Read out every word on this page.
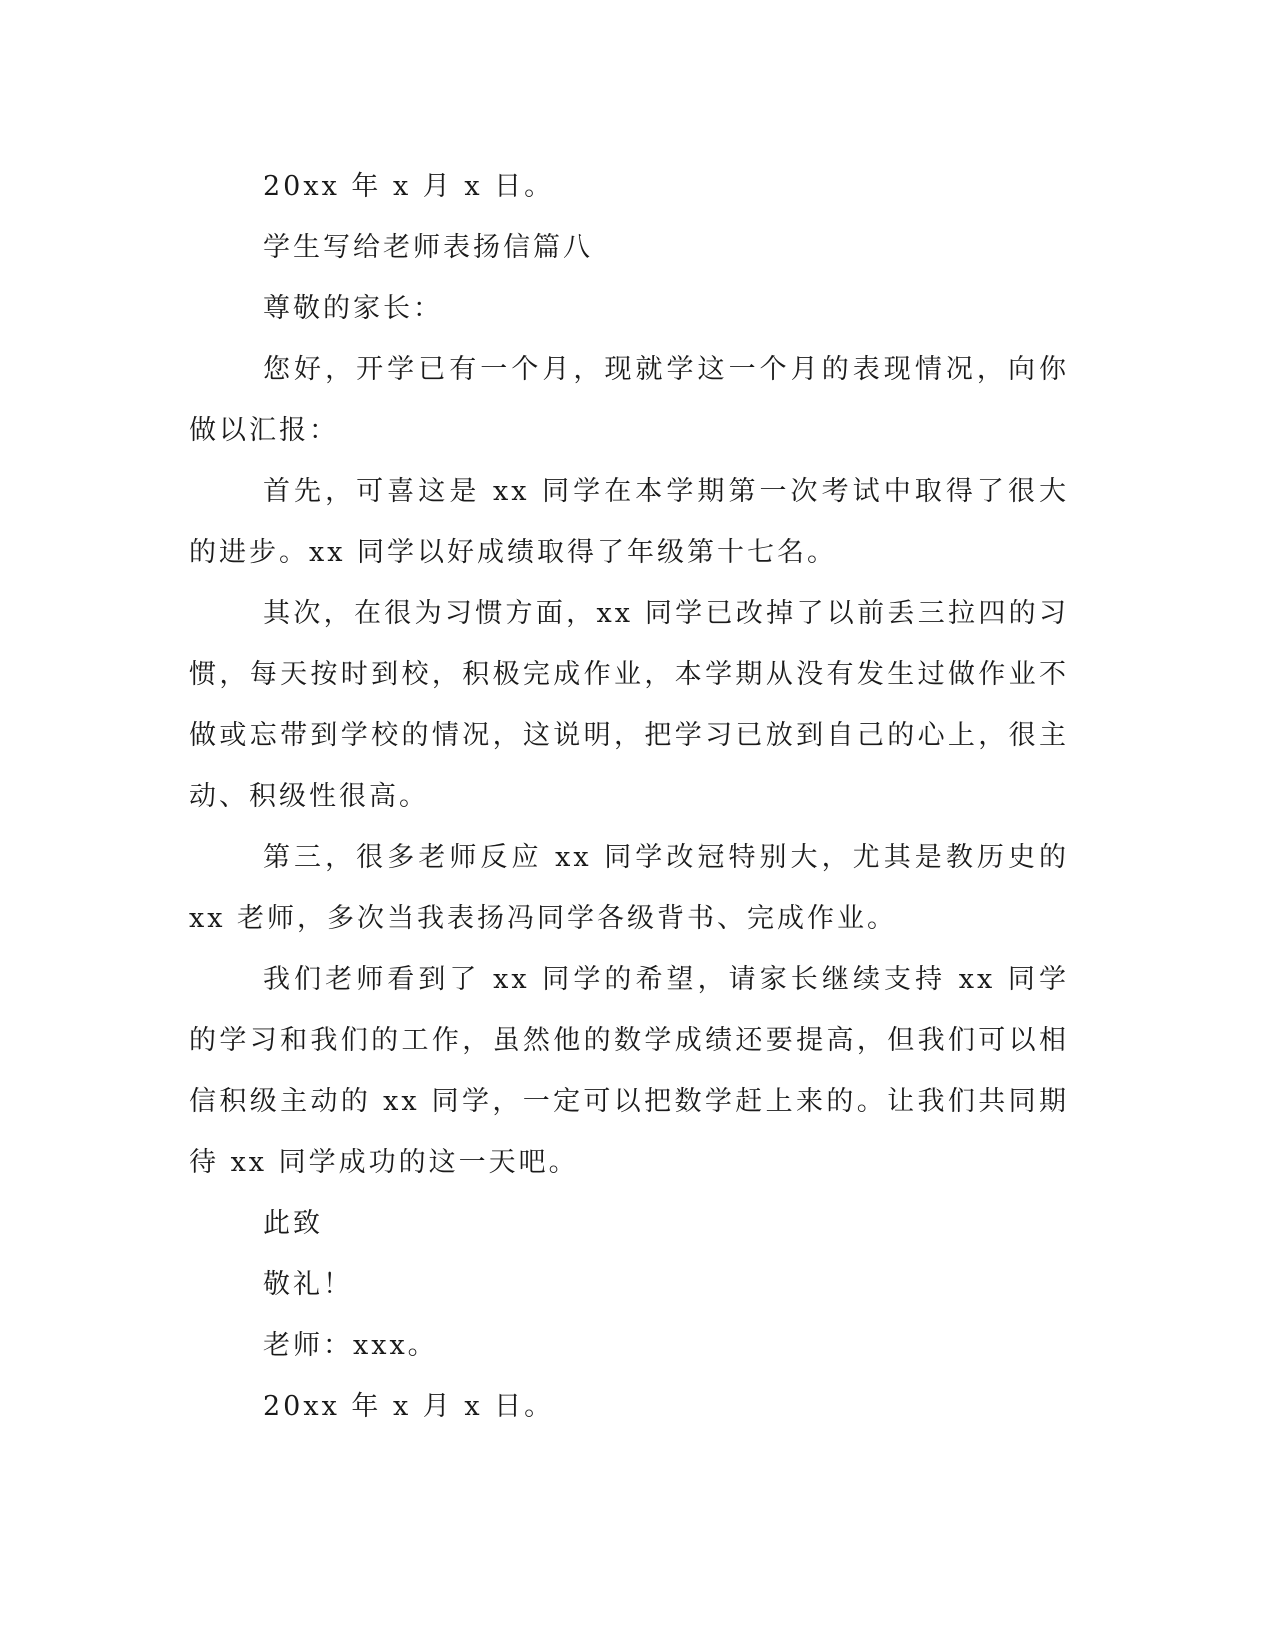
20xx 年 x 月 x 日。

学生写给老师表扬信篇八

尊敬的家长：

您好，开学已有一个月，现就学这一个月的表现情况，向你做以汇报：

首先，可喜这是 xx 同学在本学期第一次考试中取得了很大的进步。xx 同学以好成绩取得了年级第十七名。

其次，在很为习惯方面，xx 同学已改掉了以前丢三拉四的习惯，每天按时到校，积极完成作业，本学期从没有发生过做作业不做或忘带到学校的情况，这说明，把学习已放到自己的心上，很主动、积级性很高。

第三，很多老师反应 xx 同学改冠特别大，尤其是教历史的 xx 老师，多次当我表扬冯同学各级背书、完成作业。

我们老师看到了 xx 同学的希望，请家长继续支持 xx 同学的学习和我们的工作，虽然他的数学成绩还要提高，但我们可以相信积级主动的 xx 同学，一定可以把数学赶上来的。让我们共同期待 xx 同学成功的这一天吧。

此致

敬礼！

老师：xxx。

20xx 年 x 月 x 日。
